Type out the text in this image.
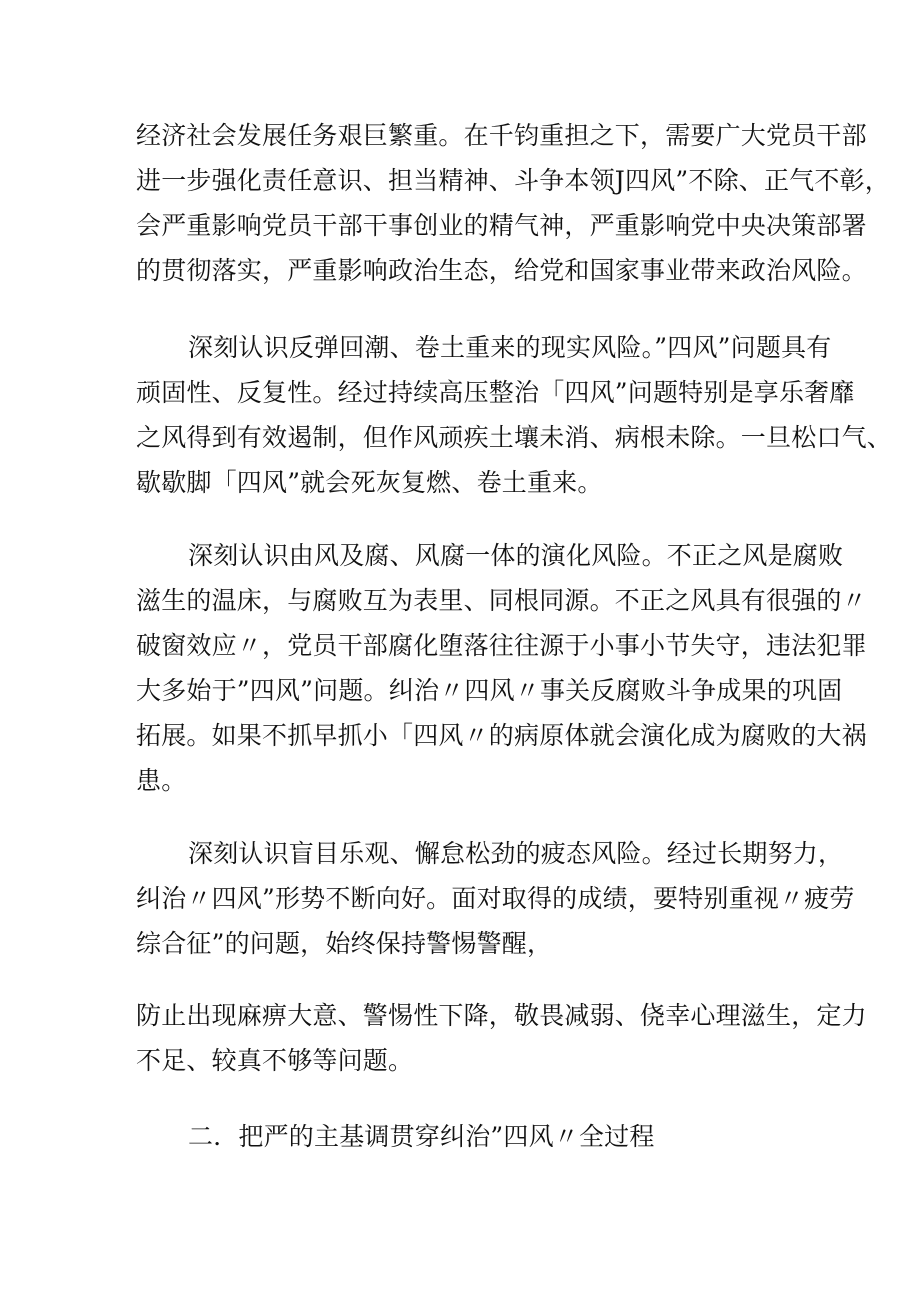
经济社会发展任务艰巨繁重。在千钧重担之下，需要广大党员干部
进一步强化责任意识、担当精神、斗争本领J四风”不除、正气不彰，
会严重影响党员干部干事创业的精气神，严重影响党中央决策部署
的贯彻落实，严重影响政治生态，给党和国家事业带来政治风险。
深刻认识反弹回潮、卷土重来的现实风险。”四风”问题具有
顽固性、反复性。经过持续高压整治「四风”问题特别是享乐奢靡
之风得到有效遏制，但作风顽疾土壤未消、病根未除。一旦松口气、
歇歇脚「四风”就会死灰复燃、卷土重来。
深刻认识由风及腐、风腐一体的演化风险。不正之风是腐败
滋生的温床，与腐败互为表里、同根同源。不正之风具有很强的〃
破窗效应〃，党员干部腐化堕落往往源于小事小节失守，违法犯罪
大多始于”四风”问题。纠治〃四风〃事关反腐败斗争成果的巩固
拓展。如果不抓早抓小「四风〃的病原体就会演化成为腐败的大祸
患。
深刻认识盲目乐观、懈怠松劲的疲态风险。经过长期努力，
纠治〃四风”形势不断向好。面对取得的成绩，要特别重视〃疲劳
综合征”的问题，始终保持警惕警醒，
防止出现麻痹大意、警惕性下降，敬畏减弱、侥幸心理滋生，定力
不足、较真不够等问题。
二．把严的主基调贯穿纠治”四风〃全过程
